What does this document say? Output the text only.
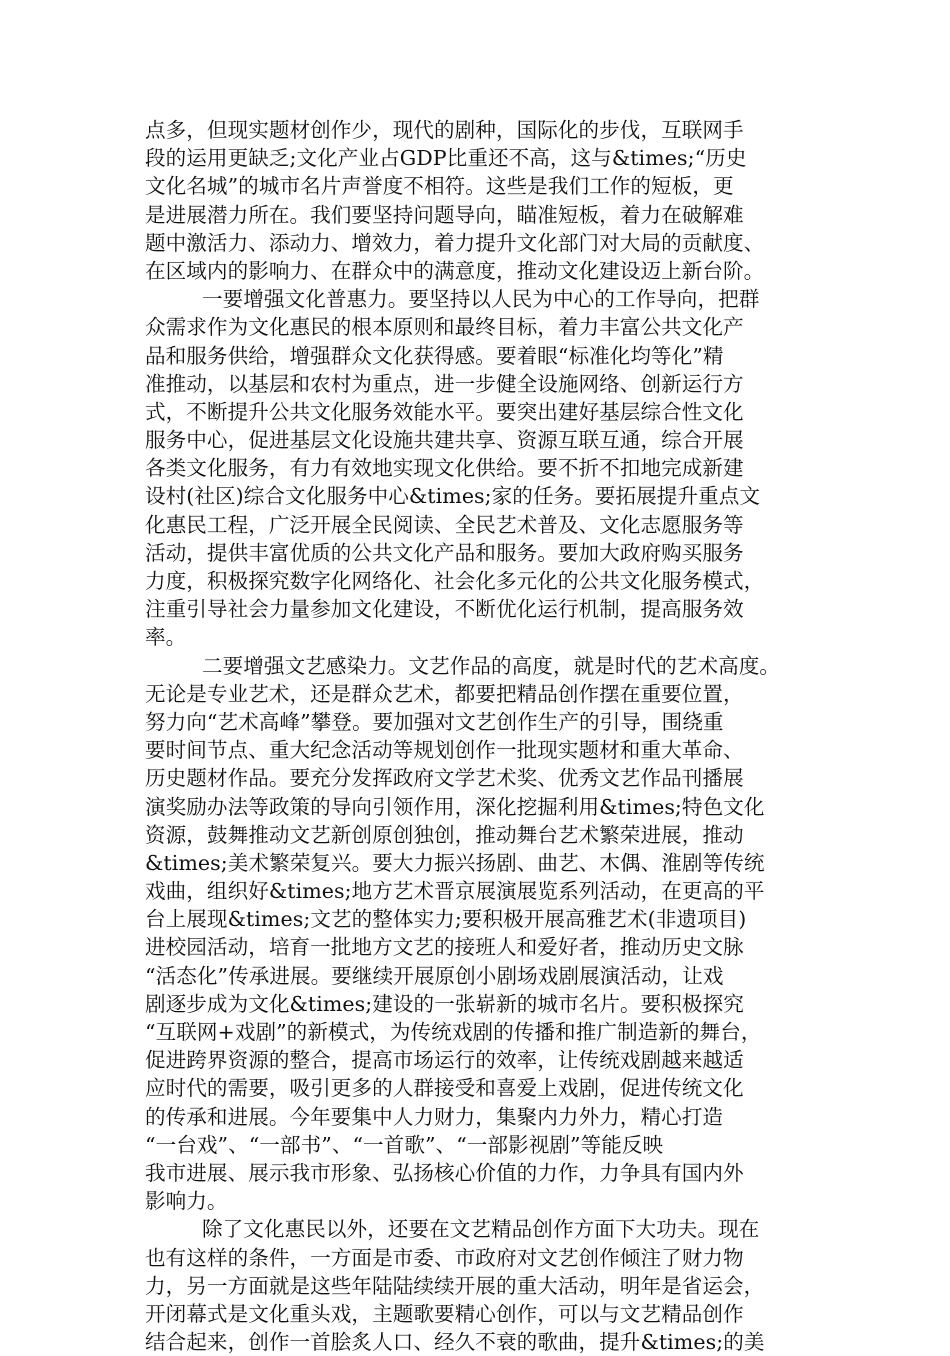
点多，但现实题材创作少，现代的剧种，国际化的步伐，互联网手
段的运用更缺乏;文化产业占GDP比重还不高，这与&times;“历史
文化名城”的城市名片声誉度不相符。这些是我们工作的短板，更
是进展潜力所在。我们要坚持问题导向，瞄准短板，着力在破解难
题中激活力、添动力、增效力，着力提升文化部门对大局的贡献度、
在区域内的影响力、在群众中的满意度，推动文化建设迈上新台阶。
一要增强文化普惠力。要坚持以人民为中心的工作导向，把群
众需求作为文化惠民的根本原则和最终目标，着力丰富公共文化产
品和服务供给，增强群众文化获得感。要着眼“标准化均等化”精
准推动，以基层和农村为重点，进一步健全设施网络、创新运行方
式，不断提升公共文化服务效能水平。要突出建好基层综合性文化
服务中心，促进基层文化设施共建共享、资源互联互通，综合开展
各类文化服务，有力有效地实现文化供给。要不折不扣地完成新建
设村(社区)综合文化服务中心&times;家的任务。要拓展提升重点文
化惠民工程，广泛开展全民阅读、全民艺术普及、文化志愿服务等
活动，提供丰富优质的公共文化产品和服务。要加大政府购买服务
力度，积极探究数字化网络化、社会化多元化的公共文化服务模式，
注重引导社会力量参加文化建设，不断优化运行机制，提高服务效
率。
二要增强文艺感染力。文艺作品的高度，就是时代的艺术高度。
无论是专业艺术，还是群众艺术，都要把精品创作摆在重要位置，
努力向“艺术高峰”攀登。要加强对文艺创作生产的引导，围绕重
要时间节点、重大纪念活动等规划创作一批现实题材和重大革命、
历史题材作品。要充分发挥政府文学艺术奖、优秀文艺作品刊播展
演奖励办法等政策的导向引领作用，深化挖掘利用&times;特色文化
资源，鼓舞推动文艺新创原创独创，推动舞台艺术繁荣进展，推动
&times;美术繁荣复兴。要大力振兴扬剧、曲艺、木偶、淮剧等传统
戏曲，组织好&times;地方艺术晋京展演展览系列活动，在更高的平
台上展现&times;文艺的整体实力;要积极开展高雅艺术(非遗项目)
进校园活动，培育一批地方文艺的接班人和爱好者，推动历史文脉
“活态化”传承进展。要继续开展原创小剧场戏剧展演活动，让戏
剧逐步成为文化&times;建设的一张崭新的城市名片。要积极探究
“互联网+戏剧”的新模式，为传统戏剧的传播和推广制造新的舞台，
促进跨界资源的整合，提高市场运行的效率，让传统戏剧越来越适
应时代的需要，吸引更多的人群接受和喜爱上戏剧，促进传统文化
的传承和进展。今年要集中人力财力，集聚内力外力，精心打造
“一台戏”、“一部书”、“一首歌”、“一部影视剧”等能反映
我市进展、展示我市形象、弘扬核心价值的力作，力争具有国内外
影响力。
除了文化惠民以外，还要在文艺精品创作方面下大功夫。现在
也有这样的条件，一方面是市委、市政府对文艺创作倾注了财力物
力，另一方面就是这些年陆陆续续开展的重大活动，明年是省运会，
开闭幕式是文化重头戏，主题歌要精心创作，可以与文艺精品创作
结合起来，创作一首脍炙人口、经久不衰的歌曲，提升&times;的美
